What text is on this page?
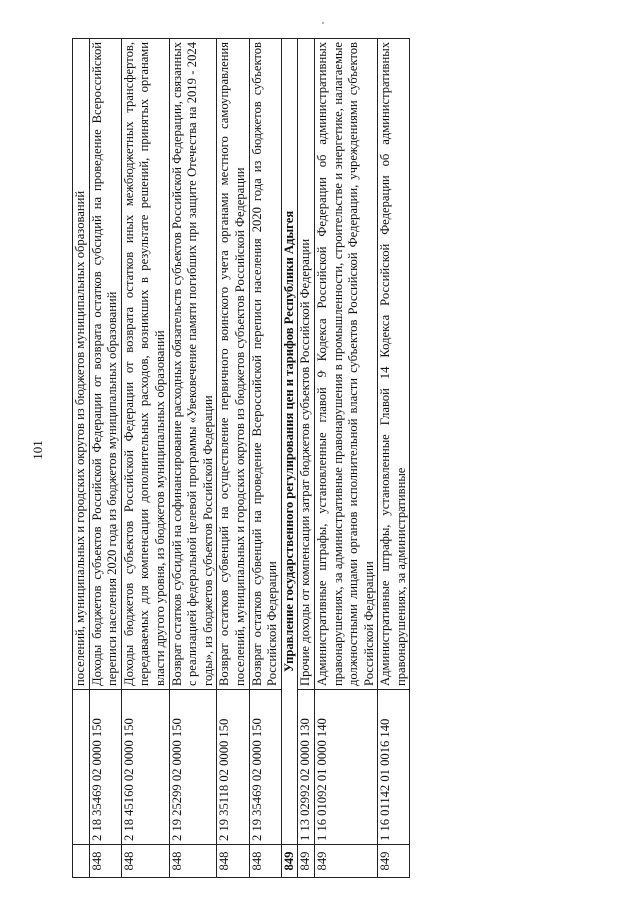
101
		поселений, муниципальных и городских округов из бюджетов муниципальных образований
848	2 18 35469 02 0000 150	Доходы бюджетов субъектов Российской Федерации от возврата остатков субсидий на проведение Всероссийской переписи населения 2020 года из бюджетов муниципальных образований
848	2 18 45160 02 0000 150	Доходы бюджетов субъектов Российской Федерации от возврата остатков иных межбюджетных трансфертов, передаваемых для компенсации дополнительных расходов, возникших в результате решений, принятых органами власти другого уровня, из бюджетов муниципальных образований
848	2 19 25299 02 0000 150	Возврат остатков субсидий на софинансирование расходных обязательств субъектов Российской Федерации, связанных с реализацией федеральной целевой программы «Увековечение памяти погибших при защите Отечества на 2019 - 2024 годы», из бюджетов субъектов Российской Федерации
848	2 19 35118 02 0000 150	Возврат остатков субвенций на осуществление первичного воинского учета органами местного самоуправления поселений, муниципальных и городских округов из бюджетов субъектов Российской Федерации
848	2 19 35469 02 0000 150	Возврат остатков субвенций на проведение Всероссийской переписи населения 2020 года из бюджетов субъектов Российской Федерации
849	Управление государственного регулирования цен и тарифов Республики Адыгея	
849	1 13 02992 02 0000 130	Прочие доходы от компенсации затрат бюджетов субъектов Российской Федерации
849	1 16 01092 01 0000 140	Административные штрафы, установленные главой 9 Кодекса Российской Федерации об административных правонарушениях, за административные правонарушения в промышленности, строительстве и энергетике, налагаемые должностными лицами органов исполнительной власти субъектов Российской Федерации, учреждениями субъектов Российской Федерации
849	1 16 01142 01 0016 140	Административные штрафы, установленные Главой 14 Кодекса Российской Федерации об административных правонарушениях, за административные
